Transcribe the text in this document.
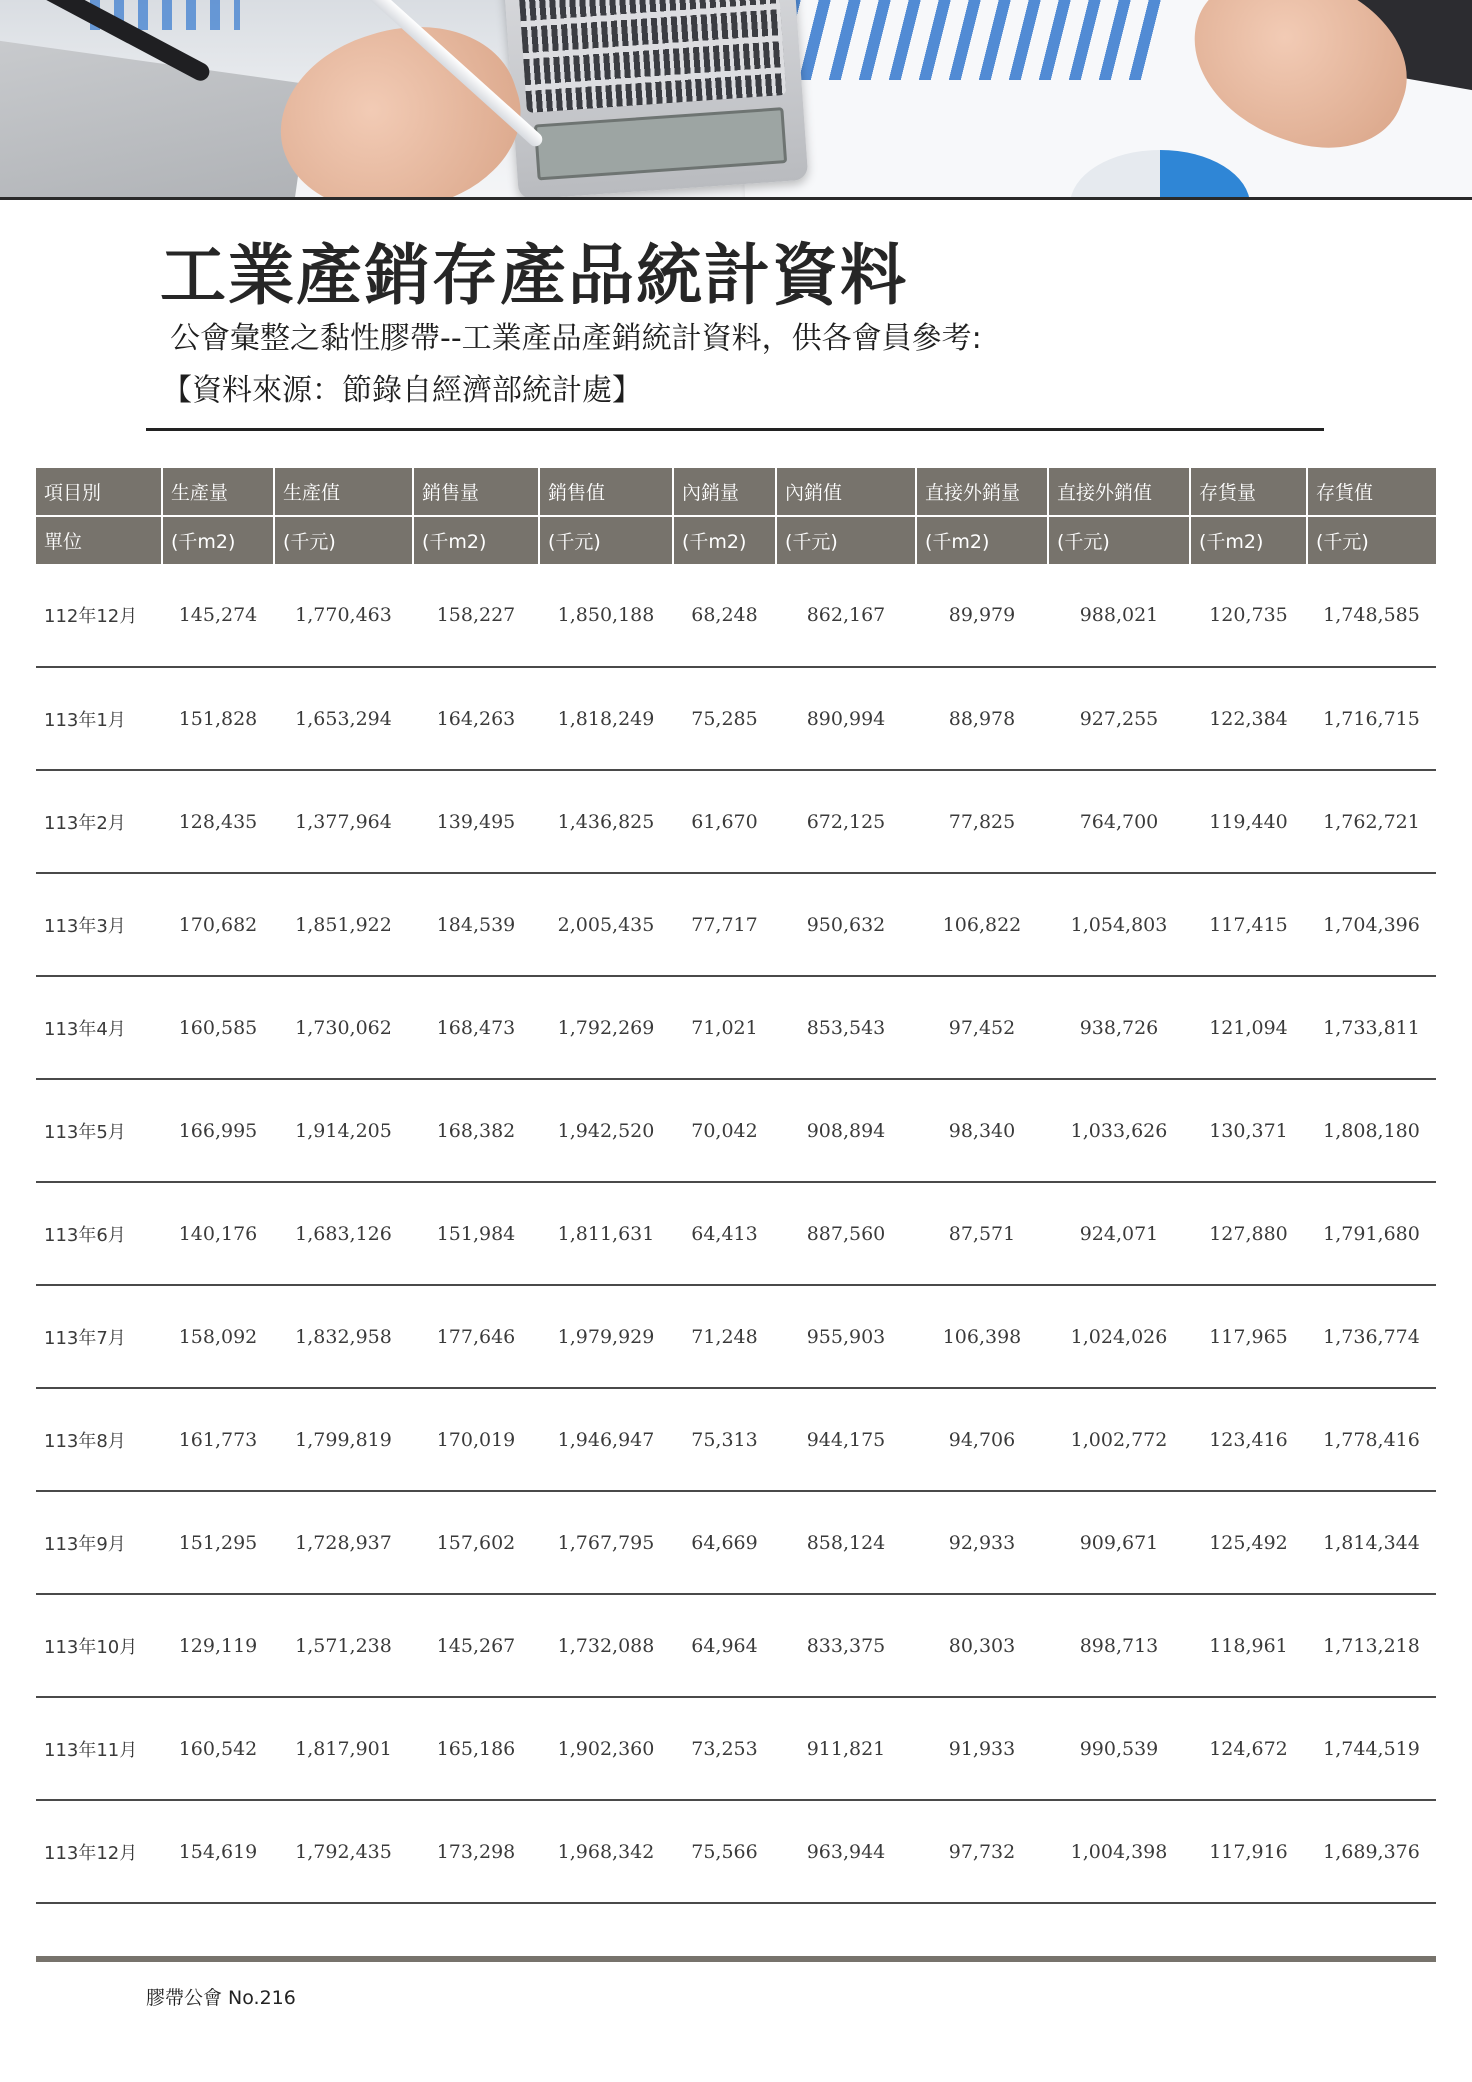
工業產銷存產品統計資料

公會彙整之黏性膠帶--工業產品產銷統計資料，供各會員參考:

【資料來源：節錄自經濟部統計處】

項目別	生產量	生產值	銷售量	銷售值	內銷量	內銷值	直接外銷量	直接外銷值	存貨量	存貨值
單位	(千m2)	(千元)	(千m2)	(千元)	(千m2)	(千元)	(千m2)	(千元)	(千m2)	(千元)
112年12月	145,274	1,770,463	158,227	1,850,188	68,248	862,167	89,979	988,021	120,735	1,748,585
113年1月	151,828	1,653,294	164,263	1,818,249	75,285	890,994	88,978	927,255	122,384	1,716,715
113年2月	128,435	1,377,964	139,495	1,436,825	61,670	672,125	77,825	764,700	119,440	1,762,721
113年3月	170,682	1,851,922	184,539	2,005,435	77,717	950,632	106,822	1,054,803	117,415	1,704,396
113年4月	160,585	1,730,062	168,473	1,792,269	71,021	853,543	97,452	938,726	121,094	1,733,811
113年5月	166,995	1,914,205	168,382	1,942,520	70,042	908,894	98,340	1,033,626	130,371	1,808,180
113年6月	140,176	1,683,126	151,984	1,811,631	64,413	887,560	87,571	924,071	127,880	1,791,680
113年7月	158,092	1,832,958	177,646	1,979,929	71,248	955,903	106,398	1,024,026	117,965	1,736,774
113年8月	161,773	1,799,819	170,019	1,946,947	75,313	944,175	94,706	1,002,772	123,416	1,778,416
113年9月	151,295	1,728,937	157,602	1,767,795	64,669	858,124	92,933	909,671	125,492	1,814,344
113年10月	129,119	1,571,238	145,267	1,732,088	64,964	833,375	80,303	898,713	118,961	1,713,218
113年11月	160,542	1,817,901	165,186	1,902,360	73,253	911,821	91,933	990,539	124,672	1,744,519
113年12月	154,619	1,792,435	173,298	1,968,342	75,566	963,944	97,732	1,004,398	117,916	1,689,376
膠帶公會 No.216
